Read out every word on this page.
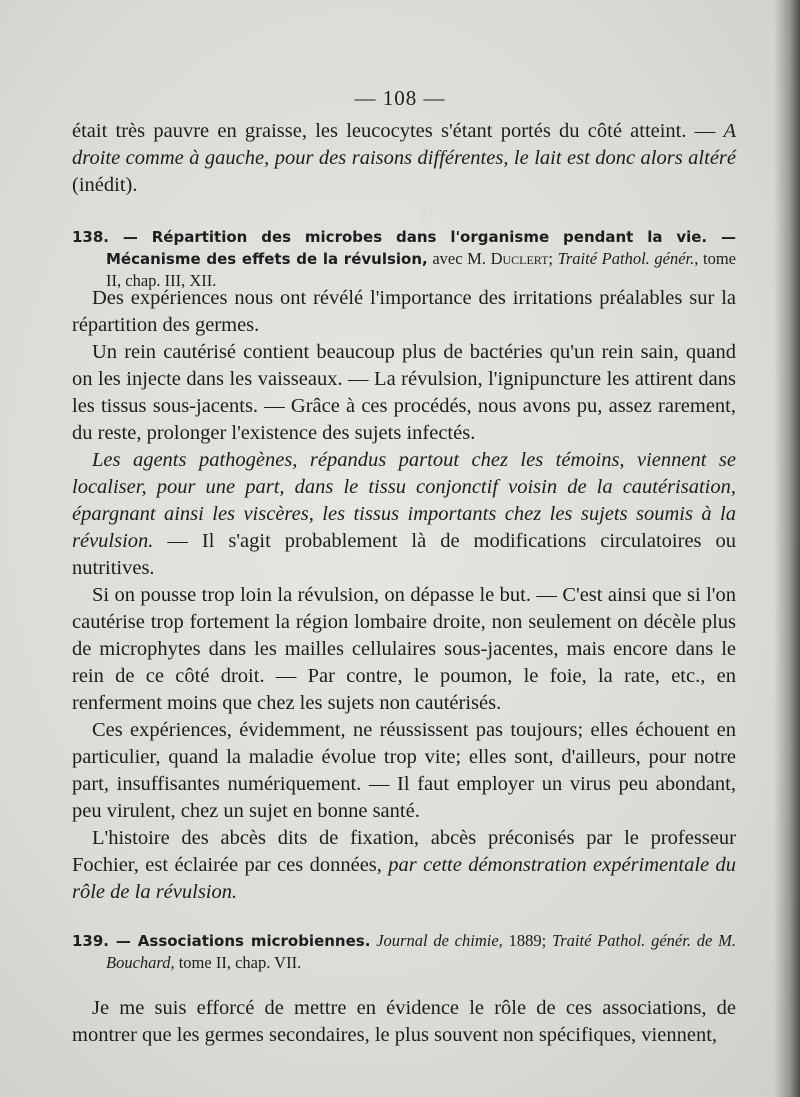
░
— 108 —

était très pauvre en graisse, les leucocytes s'étant portés du côté atteint. — A droite comme à gauche, pour des raisons différentes, le lait est donc alors altéré (inédit).

138. — Répartition des microbes dans l'organisme pendant la vie. — Mécanisme des effets de la révulsion, avec M. Duclert; Traité Pathol. génér., tome II, chap. III, XII.

Des expériences nous ont révélé l'importance des irritations préalables sur la répartition des germes.

Un rein cautérisé contient beaucoup plus de bactéries qu'un rein sain, quand on les injecte dans les vaisseaux. — La révulsion, l'ignipuncture les attirent dans les tissus sous-jacents. — Grâce à ces procédés, nous avons pu, assez rarement, du reste, prolonger l'existence des sujets infectés.

Les agents pathogènes, répandus partout chez les témoins, viennent se localiser, pour une part, dans le tissu conjonctif voisin de la cautérisation, épargnant ainsi les viscères, les tissus importants chez les sujets soumis à la révulsion. — Il s'agit probablement là de modifications circulatoires ou nutritives.

Si on pousse trop loin la révulsion, on dépasse le but. — C'est ainsi que si l'on cautérise trop fortement la région lombaire droite, non seulement on décèle plus de microphytes dans les mailles cellulaires sous-jacentes, mais encore dans le rein de ce côté droit. — Par contre, le poumon, le foie, la rate, etc., en renferment moins que chez les sujets non cautérisés.

Ces expériences, évidemment, ne réussissent pas toujours; elles échouent en particulier, quand la maladie évolue trop vite; elles sont, d'ailleurs, pour notre part, insuffisantes numériquement. — Il faut employer un virus peu abondant, peu virulent, chez un sujet en bonne santé.

L'histoire des abcès dits de fixation, abcès préconisés par le professeur Fochier, est éclairée par ces données, par cette démonstration expérimentale du rôle de la révulsion.

139. — Associations microbiennes. Journal de chimie, 1889; Traité Pathol. génér. de M. Bouchard, tome II, chap. VII.

Je me suis efforcé de mettre en évidence le rôle de ces associations, de montrer que les germes secondaires, le plus souvent non spécifiques, viennent,
